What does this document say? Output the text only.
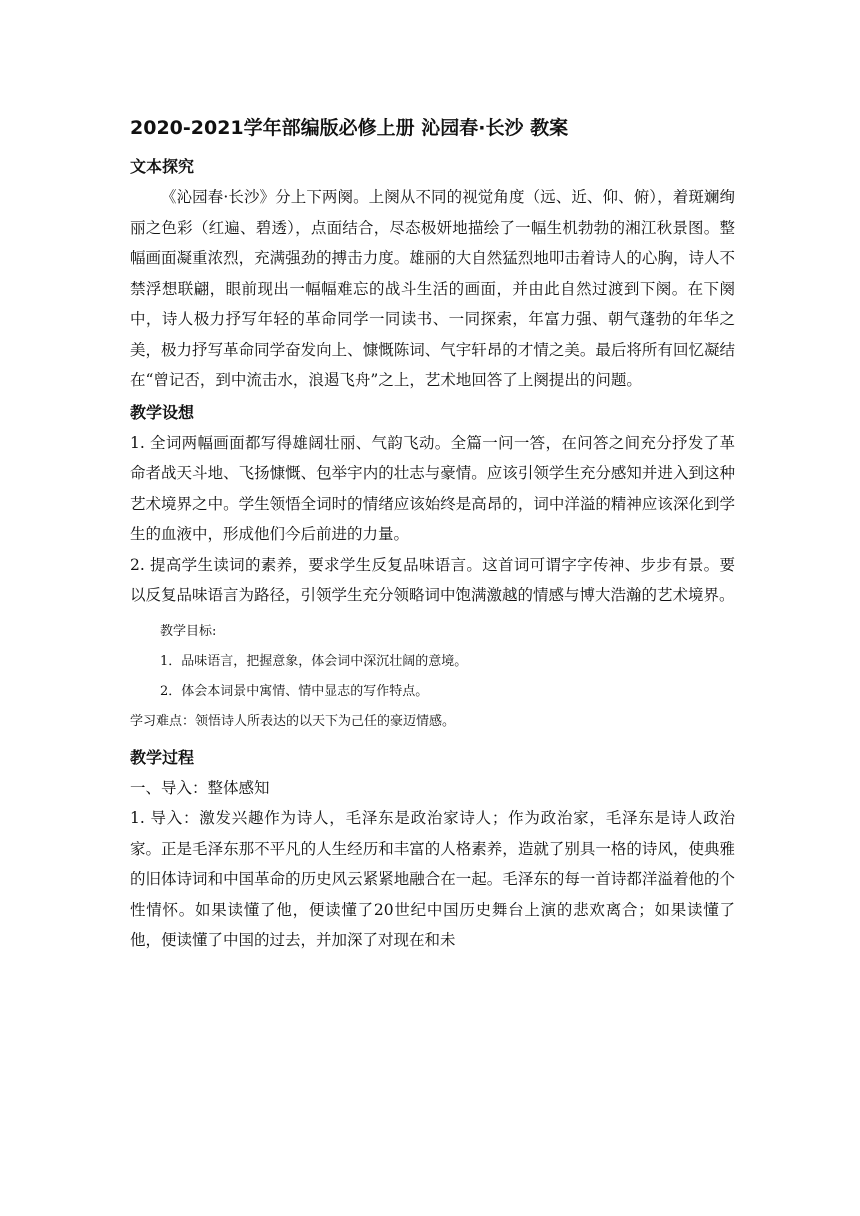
2020-2021学年部编版必修上册 沁园春·长沙 教案
文本探究

《沁园春·长沙》分上下两阕。上阕从不同的视觉角度（远、近、仰、俯），着斑斓绚丽之色彩（红遍、碧透），点面结合，尽态极妍地描绘了一幅生机勃勃的湘江秋景图。整幅画面凝重浓烈，充满强劲的搏击力度。雄丽的大自然猛烈地叩击着诗人的心胸，诗人不禁浮想联翩，眼前现出一幅幅难忘的战斗生活的画面，并由此自然过渡到下阕。在下阕中，诗人极力抒写年轻的革命同学一同读书、一同探索，年富力强、朝气蓬勃的年华之美，极力抒写革命同学奋发向上、慷慨陈词、气宇轩昂的才情之美。最后将所有回忆凝结在“曾记否，到中流击水，浪遏飞舟”之上，艺术地回答了上阕提出的问题。

教学设想

1. 全词两幅画面都写得雄阔壮丽、气韵飞动。全篇一问一答，在问答之间充分抒发了革命者战天斗地、飞扬慷慨、包举宇内的壮志与豪情。应该引领学生充分感知并进入到这种艺术境界之中。学生领悟全词时的情绪应该始终是高昂的，词中洋溢的精神应该深化到学生的血液中，形成他们今后前进的力量。

2. 提高学生读词的素养，要求学生反复品味语言。这首词可谓字字传神、步步有景。要以反复品味语言为路径，引领学生充分领略词中饱满激越的情感与博大浩瀚的艺术境界。

教学目标:

1．品味语言，把握意象，体会词中深沉壮阔的意境。

2．体会本词景中寓情、情中显志的写作特点。

学习难点：领悟诗人所表达的以天下为己任的豪迈情感。

教学过程

一、导入：整体感知

1. 导入：激发兴趣作为诗人，毛泽东是政治家诗人；作为政治家，毛泽东是诗人政治家。正是毛泽东那不平凡的人生经历和丰富的人格素养，造就了别具一格的诗风，使典雅的旧体诗词和中国革命的历史风云紧紧地融合在一起。毛泽东的每一首诗都洋溢着他的个性情怀。如果读懂了他，便读懂了20世纪中国历史舞台上演的悲欢离合；如果读懂了他，便读懂了中国的过去，并加深了对现在和未
